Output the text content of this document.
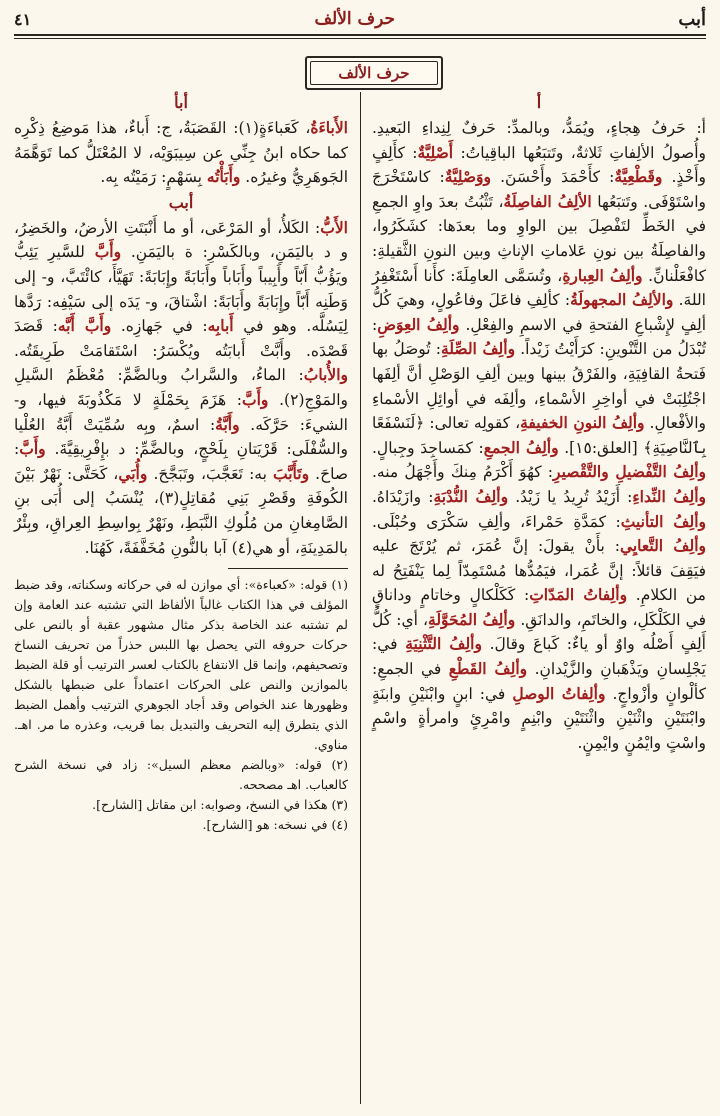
أبب
حرف الألف
٤١
حرف الألف
أ

أ: حَرفُ هِجاءٍ، ويُمَدُّ، وبالمدِّ: حَرفٌ لِنِداءِ البَعيدِ. وأُصولُ الألِفاتِ ثَلاثةٌ، وتَتبَعُها الباقِياتُ: أَصْلِيَّةٌ: كأَلِفٍ وأَخْذٍ. وقَطْعِيَّةٌ: كأَحْمَدَ وأَحْسَنَ. ووَصْلِيَّةٌ: كاسْتَخْرَجَ واسْتَوْفَى. وتَتبَعُها الألِفُ الفاصِلَةُ، تَثْبُتُ بعدَ واوِ الجمعِ في الخَطِّ لتَفْصِلَ بين الواوِ وما بعدَها: كشَكَرُوا، والفاصِلَةُ بين نونِ عَلاماتِ الإناثِ وبين النونِ الثَّقيلةِ: كافْعَلْنانِّ. وألِفُ العِبارةِ، وتُسَمَّى العامِلَةَ: كأَنا أَسْتَغْفِرُ اللهَ. والألِفُ المجهولَةُ: كألِفِ فاعَلَ وفاعُولٍ، وهيَ كُلُّ ألِفٍ لإِشْباعِ الفتحةِ في الاسمِ والفِعْلِ. وألِفُ العِوَضِ: تُبْدَلُ من التَّنْوينِ: كرَأَيْتُ زَيْداً. وألِفُ الصِّلَةِ: تُوصَلُ بها فَتحةُ القافِيَةِ، والفَرْقُ بينها وبين ألِفِ الوَصْلِ أنَّ ألِفَها اجْتُلِبَتْ في أواخِرِ الأسْماءِ، وألِفَه في أوائِلِ الأسْماءِ والأفْعالِ. وألِفُ النونِ الخفيفةِ، كقولِه تعالى: ﴿لَنَسْفَعًا بِٱلنَّاصِيَةِ﴾ [العلق:١٥]. وألِفُ الجمعِ: كمَساجِدَ وجِبالٍ. وألِفُ التَّفْضيلِ والتَّقْصيرِ: كهُوَ أَكْرَمُ مِنكَ وأَجْهَلُ منه. وألِفُ النِّداءِ: أَزَيْدُ تُرِيدُ يا زَيْدُ. وألِفُ النُّدْبَةِ: وازَيْدَاهُ. وألِفُ التأنيثِ: كمَدَّةِ حَمْراءَ، وألِفِ سَكْرَى وحُبْلَى. وألِفُ التَّعايِي: بأَنْ يقولَ: إنَّ عُمَرَ، ثم يُرْتَجَ عليه فيَقِفَ قائلاً: إنَّ عُمَرا، فيَمُدُّها مُسْتَمِدّاً لِما يَنْفَتِحُ له من الكلامِ. وألِفاتُ المَدّاتِ: كَكَلْكالٍ وخاتامٍ وداناقٍ في الكَلْكَلِ، والخاتَمِ، والدانَقِ. وألِفُ المُحَوَّلَةِ، أي: كُلُّ أَلِفٍ أَصْلُه واوٌ أو ياءٌ: كَباعَ وقالَ. وألِفُ التَّثْنِيَةِ في: يَجْلِسانِ ويَذْهَبانِ والزَّيْدانِ. وألِفُ القَطْعِ في الجمعِ: كألْوانٍ وأزْواجٍ. وألِفاتُ الوصلِ في: ابنٍ وابْنَيْنِ وابنَةٍ وابْنَتَيْنِ واثْنَيْنِ واثْنَتَيْنِ وابْنِمٍ وامْرِئٍ وامرأةٍ واسْمٍ واسْتٍ وايْمُنٍ وايْمِنٍ.

أبأ

الأَباءَةُ، كَعَباءَةٍ(١): القَصَبَةُ، ج: أَباءٌ، هذا مَوضِعُ ذِكْرِه كما حكاه ابنُ جِنِّي عن سِيبَوَيْه، لا المُعْتَلُّ كما تَوَهَّمَهُ الجَوهَرِيُّ وغيرُه. وأَبَأْتُه بِسَهْمٍ: رَمَيْتُه بِه.

أبب

الأَبُّ: الكَلأُ، أو المَرْعَى، أو ما أَنْبَتَتِ الأرضُ، والخَضِرُ، و د باليَمَنِ، وبالكَسْرِ: ة باليَمَنِ. وأَبَّ للسَّيرِ يَئِبُّ ويَؤُبُّ أَبّاً وأَبِيباً وأَبَاباً وأَبَابَةً وإِبَابَةً: تَهَيَّأَ، كائْتَبَّ، و- إلى وَطَنِه أَبّاً وإِبَابَةً وأَبَابَةً: اشْتاقَ، و- يَدَه إلى سَيْفِه: رَدَّها لِيَسُلَّه. وهو في أَبابِه: في جَهازِه. وأَبَّ أَبَّه: قَصَدَ قَصْدَه. وأَبَّتْ أَبابَتُه ويُكْسَرُ: اسْتَقامَتْ طَرِيقَتُه. والأُبابُ: الماءُ، والسَّرابُ وبالضَّمِّ: مُعْظَمُ السَّيلِ والمَوْجِ(٢). وأَبَّ: هَزَمَ بِحَمْلَةٍ لا مَكْذُوبَةَ فيها، و- الشيءَ: حَرَّكَه. وأَبَّةُ: اسمٌ، وبِه سُمِّيَتْ أَبَّةُ العُلْيا والسُّفْلَى: قَرْيَتانِ بِلَحْجٍ، وبالضَّمِّ: د بإِفْرِيقِيَّةَ. وأَبَّ: صاحَ. وتَأَبَّبَ به: تَعَجَّبَ، وتَبَجَّحَ. وأُبَي، كَحَتَّى: نَهْرٌ بَيْنَ الكُوفَةِ وقَصْرِ بَنِي مُقاتِلٍ(٣)، يُنْسَبُ إلى أُبَى بنِ الصَّامِغانِ من مُلُوكِ النَّبَطِ، ونَهْرٌ بِواسِطِ العِراقِ، وبِئْرٌ بالمَدِينَةِ، أو هي(٤) آبا بالنُّونِ مُخَفَّفَةً، كَهُنَا.

(١) قوله: «كعباءة»: أي موازن له في حركاته وسكناته، وقد ضبط المؤلف في هذا الكتاب غالباً الألفاظ التي تشتبه عند العامة وإن لم تشتبه عند الخاصة بذكر مثال مشهور عقبة أو بالنص على حركات حروفه التي يحصل بها اللبس حذراً من تحريف النساخ وتصحيفهم، وإنما قل الانتفاع بالكتاب لعسر الترتيب أو قلة الضبط بالموازين والنص على الحركات اعتماداً على ضبطها بالشكل وظهورها عند الخواص وقد أجاد الجوهري الترتيب وأهمل الضبط الذي يتطرق إليه التحريف والتبديل بما قريب، وعذره ما مر. اهـ. مناوي.

(٢) قوله: «وبالضم معظم السيل»: زاد في نسخة الشرح كالعباب. اهـ مصححه.

(٣) هكذا في النسخ، وصوابه: ابن مقاتل [الشارح].

(٤) في نسخه: هو [الشارح].
